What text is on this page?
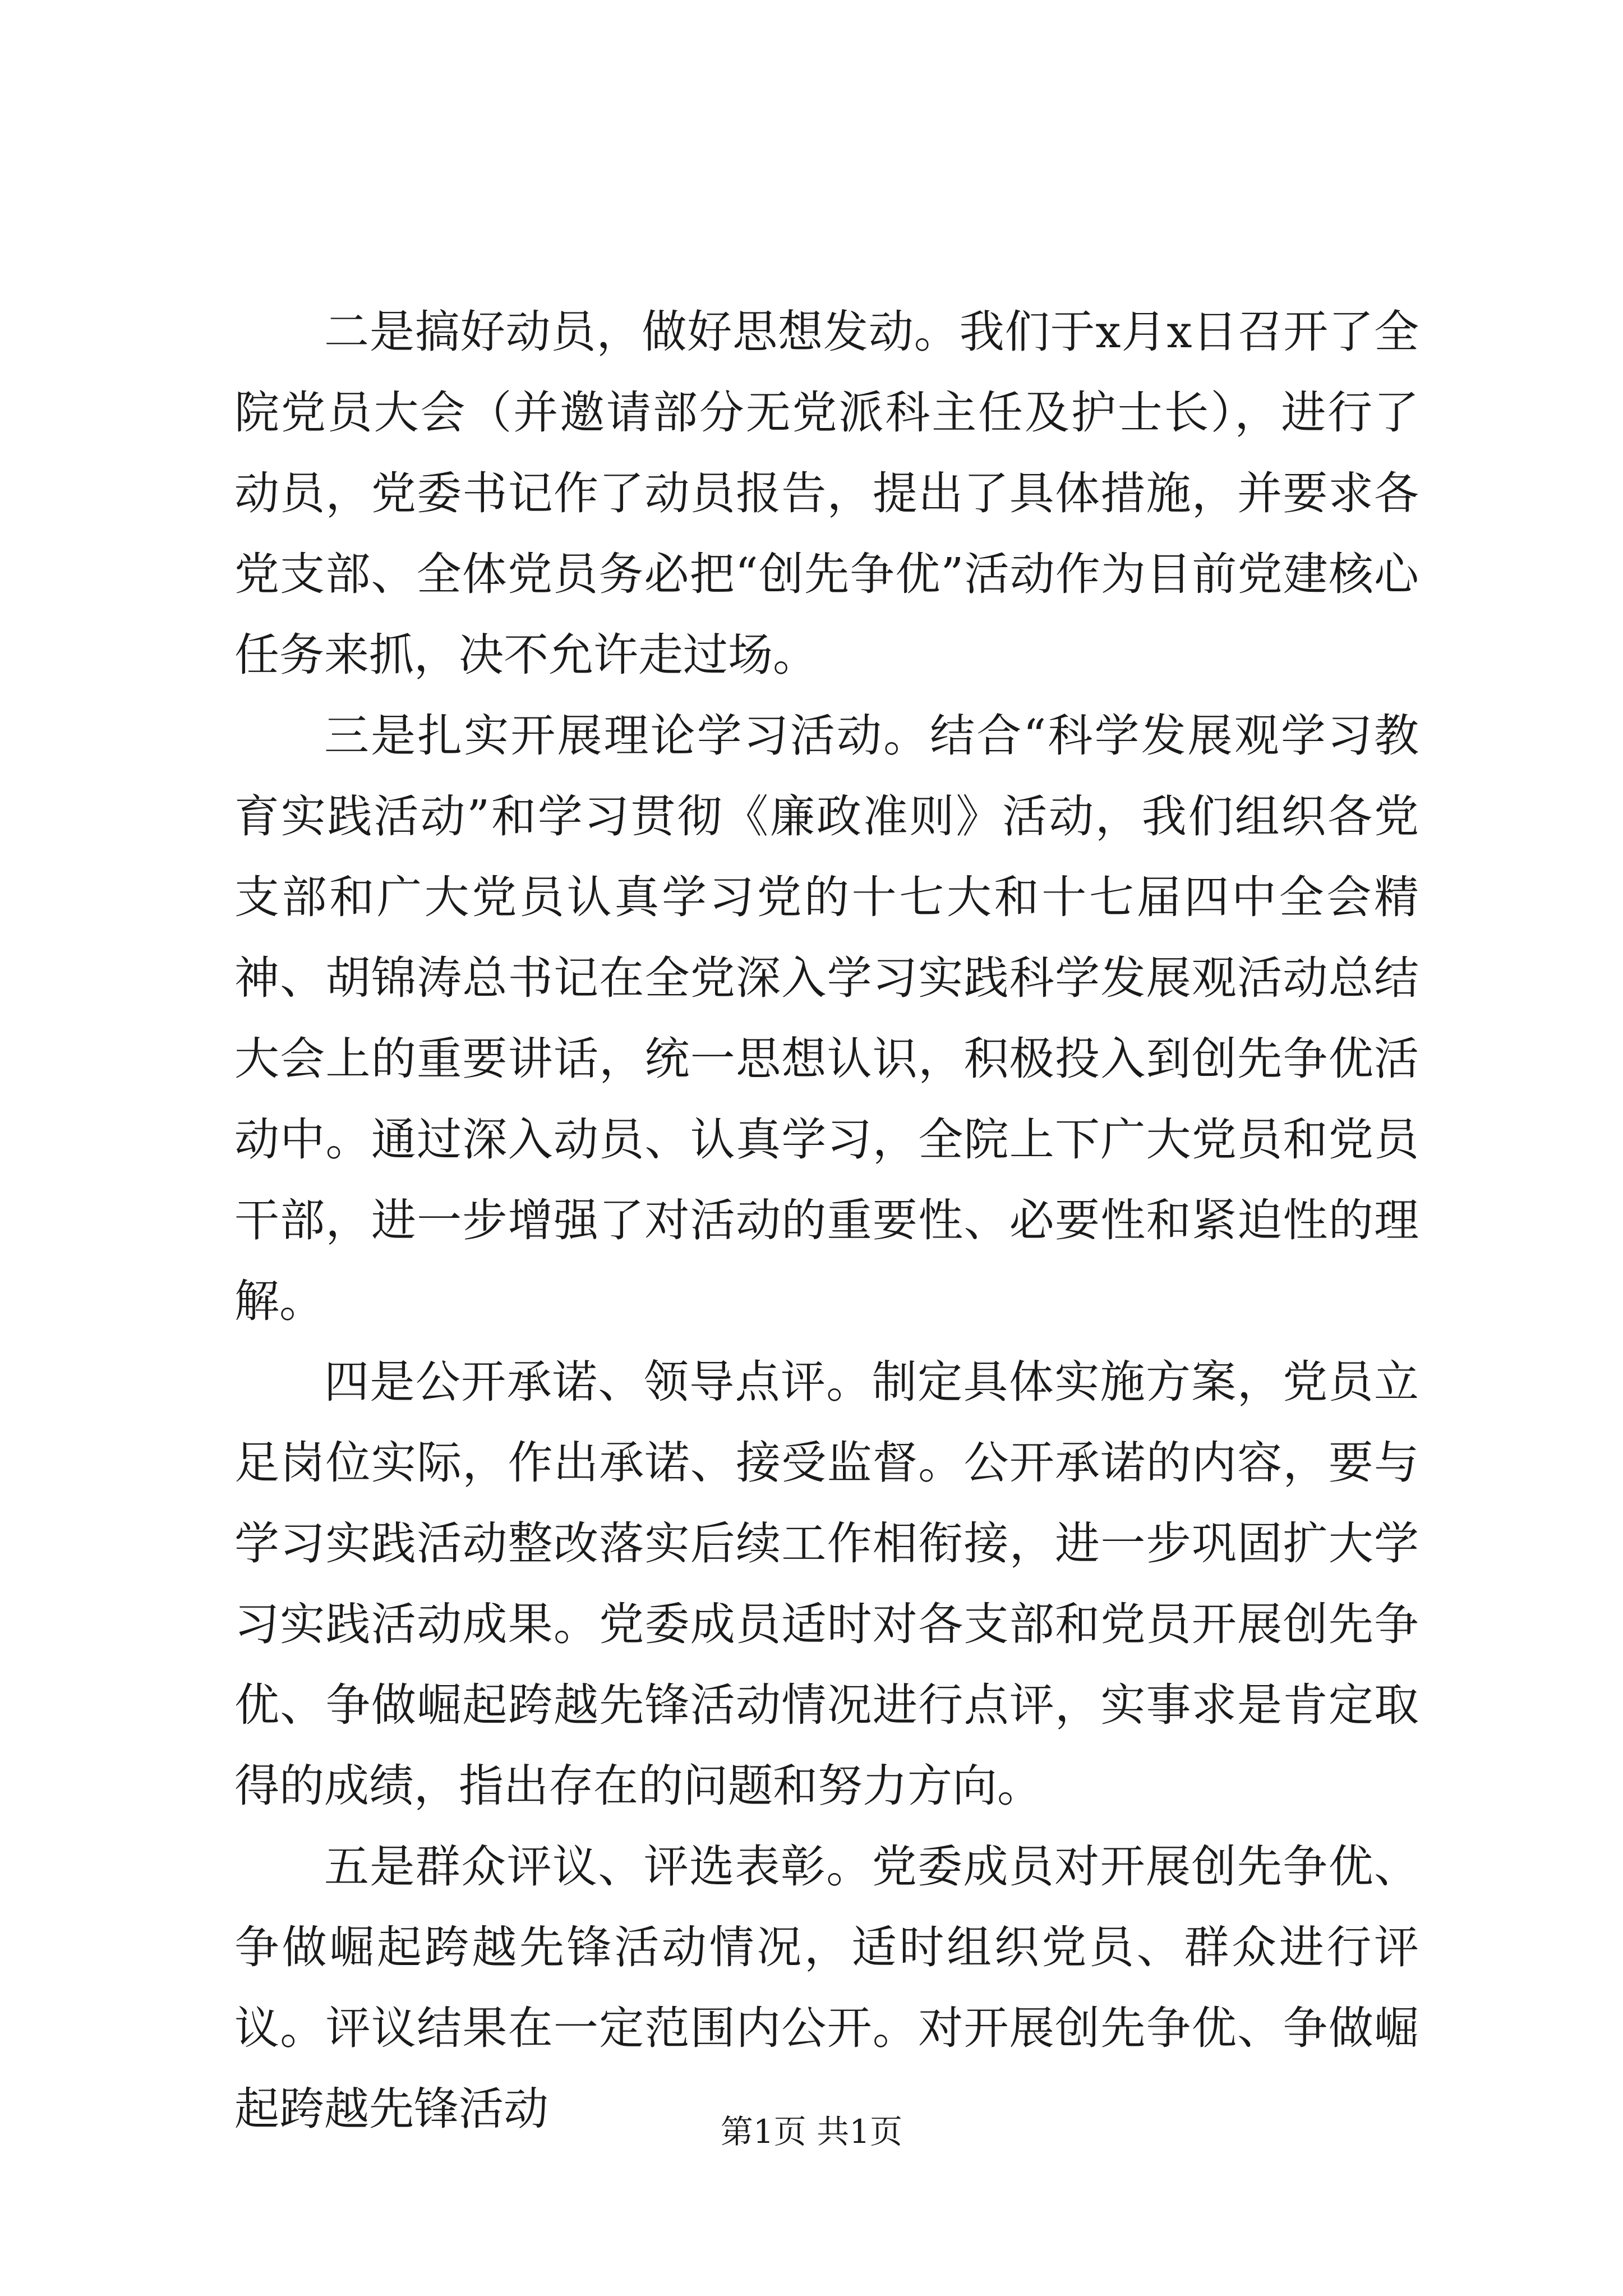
二是搞好动员，做好思想发动。我们于x月x日召开了全院党员大会（并邀请部分无党派科主任及护士长），进行了动员，党委书记作了动员报告，提出了具体措施，并要求各党支部、全体党员务必把“创先争优”活动作为目前党建核心任务来抓，决不允许走过场。

三是扎实开展理论学习活动。结合“科学发展观学习教育实践活动”和学习贯彻《廉政准则》活动，我们组织各党支部和广大党员认真学习党的十七大和十七届四中全会精神、胡锦涛总书记在全党深入学习实践科学发展观活动总结大会上的重要讲话，统一思想认识，积极投入到创先争优活动中。通过深入动员、认真学习，全院上下广大党员和党员干部，进一步增强了对活动的重要性、必要性和紧迫性的理解。

四是公开承诺、领导点评。制定具体实施方案，党员立足岗位实际，作出承诺、接受监督。公开承诺的内容，要与学习实践活动整改落实后续工作相衔接，进一步巩固扩大学习实践活动成果。党委成员适时对各支部和党员开展创先争优、争做崛起跨越先锋活动情况进行点评，实事求是肯定取得的成绩，指出存在的问题和努力方向。

五是群众评议、评选表彰。党委成员对开展创先争优、争做崛起跨越先锋活动情况，适时组织党员、群众进行评议。评议结果在一定范围内公开。对开展创先争优、争做崛起跨越先锋活动	第1页 共1页
